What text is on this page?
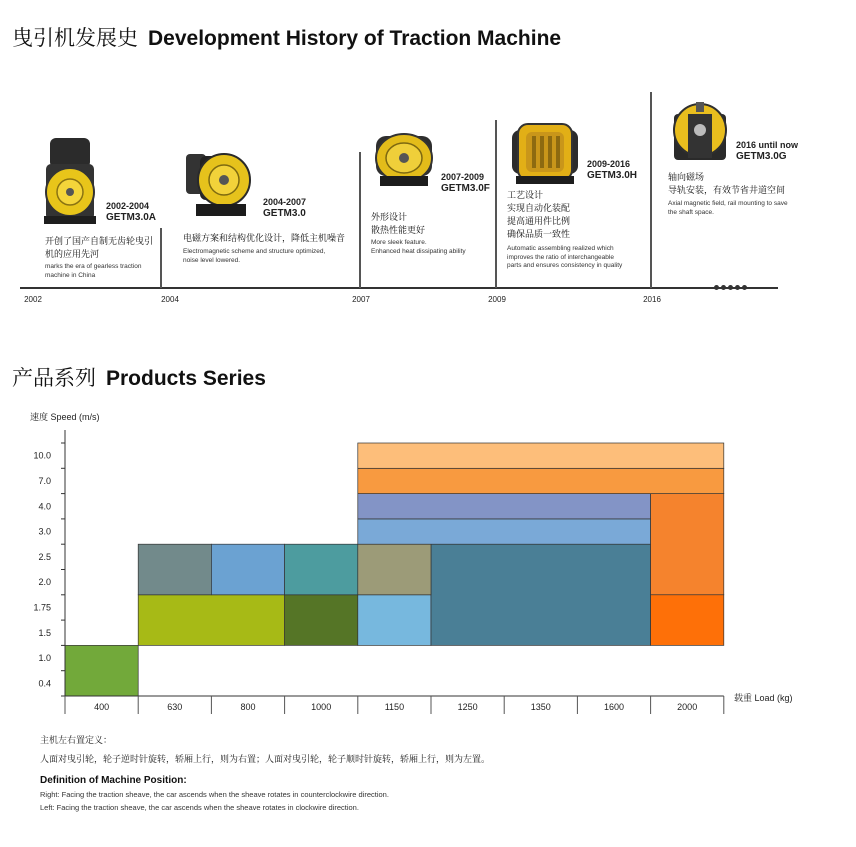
曳引机发展史 Development History of Traction Machine
2002	2004	2007	2009	2016
2002-2004
GETM3.0A
开创了国产自制无齿轮曳引
机的应用先河
marks the era of gearless traction
machine in China
2004-2007
GETM3.0
电磁方案和结构优化设计，降低主机噪音
Electromagnetic scheme and structure optimized,
noise level lowered.
2007-2009
GETM3.0F
外形设计
散热性能更好
More sleek feature.
Enhanced heat dissipating ability
2009-2016
GETM3.0H
工艺设计
实现自动化装配
提高通用件比例
确保品质一致性
Automatic assembling realized which
improves the ratio of interchangeable
parts and ensures consistency in quality
2016 until now
GETM3.0G
轴向磁场
导轨安装，有效节省井道空间
Axial magnetic field, rail mounting to save
the shaft space.
产品系列 Products Series
0.4
1.0
1.5
1.75
2.0
2.5
3.0
4.0
7.0
10.0
400	630	800	1000	1150	1250	1350	1600	2000
速度 Speed (m/s)
载重 Load (kg)
主机左右置定义：
人面对曳引轮，轮子逆时针旋转，轿厢上行，则为右置；人面对曳引轮，轮子顺时针旋转，轿厢上行，则为左置。
Definition of Machine Position:
Right: Facing the traction sheave, the car ascends when the sheave rotates in counterclockwire direction.
Left: Facing the traction sheave, the car ascends when the sheave rotates in clockwire direction.
